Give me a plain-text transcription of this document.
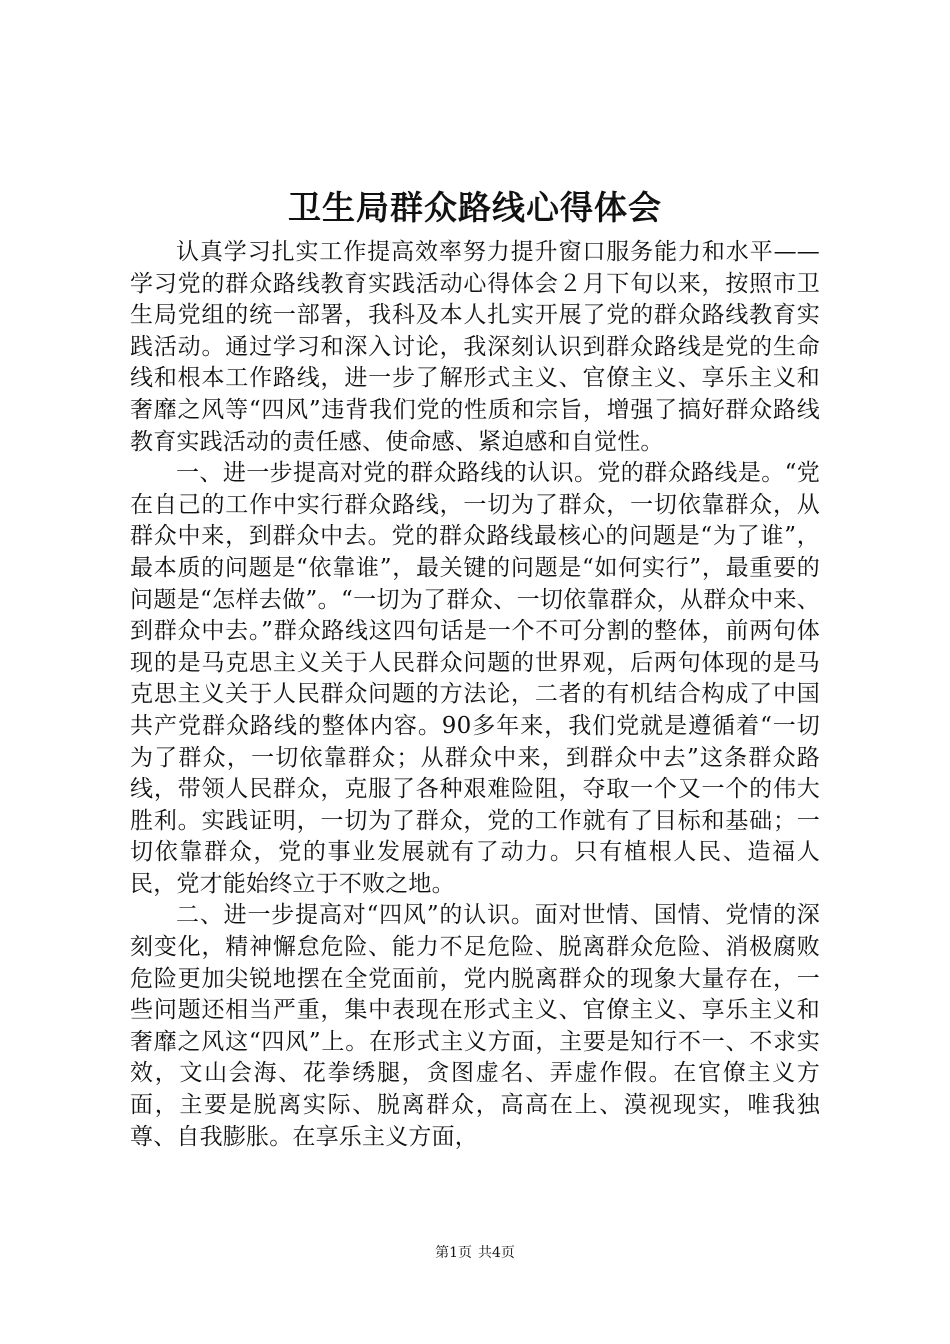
卫生局群众路线心得体会

认真学习扎实工作提高效率努力提升窗口服务能力和水平——学习党的群众路线教育实践活动心得体会２月下旬以来，按照市卫生局党组的统一部署，我科及本人扎实开展了党的群众路线教育实践活动。通过学习和深入讨论，我深刻认识到群众路线是党的生命线和根本工作路线，进一步了解形式主义、官僚主义、享乐主义和奢靡之风等“四风”违背我们党的性质和宗旨，增强了搞好群众路线教育实践活动的责任感、使命感、紧迫感和自觉性。

一、进一步提高对党的群众路线的认识。党的群众路线是。“党在自己的工作中实行群众路线，一切为了群众，一切依靠群众，从群众中来，到群众中去。党的群众路线最核心的问题是“为了谁”，最本质的问题是“依靠谁”，最关键的问题是“如何实行”，最重要的问题是“怎样去做”。“一切为了群众、一切依靠群众，从群众中来、到群众中去。”群众路线这四句话是一个不可分割的整体，前两句体现的是马克思主义关于人民群众问题的世界观，后两句体现的是马克思主义关于人民群众问题的方法论，二者的有机结合构成了中国共产党群众路线的整体内容。90多年来，我们党就是遵循着“一切为了群众，一切依靠群众；从群众中来，到群众中去”这条群众路线，带领人民群众，克服了各种艰难险阻，夺取一个又一个的伟大胜利。实践证明，一切为了群众，党的工作就有了目标和基础；一切依靠群众，党的事业发展就有了动力。只有植根人民、造福人民，党才能始终立于不败之地。

二、进一步提高对“四风”的认识。面对世情、国情、党情的深刻变化，精神懈怠危险、能力不足危险、脱离群众危险、消极腐败危险更加尖锐地摆在全党面前，党内脱离群众的现象大量存在，一些问题还相当严重，集中表现在形式主义、官僚主义、享乐主义和奢靡之风这“四风”上。在形式主义方面，主要是知行不一、不求实效，文山会海、花拳绣腿，贪图虚名、弄虚作假。在官僚主义方面，主要是脱离实际、脱离群众，高高在上、漠视现实，唯我独尊、自我膨胀。在享乐主义方面，

第1页 共4页
